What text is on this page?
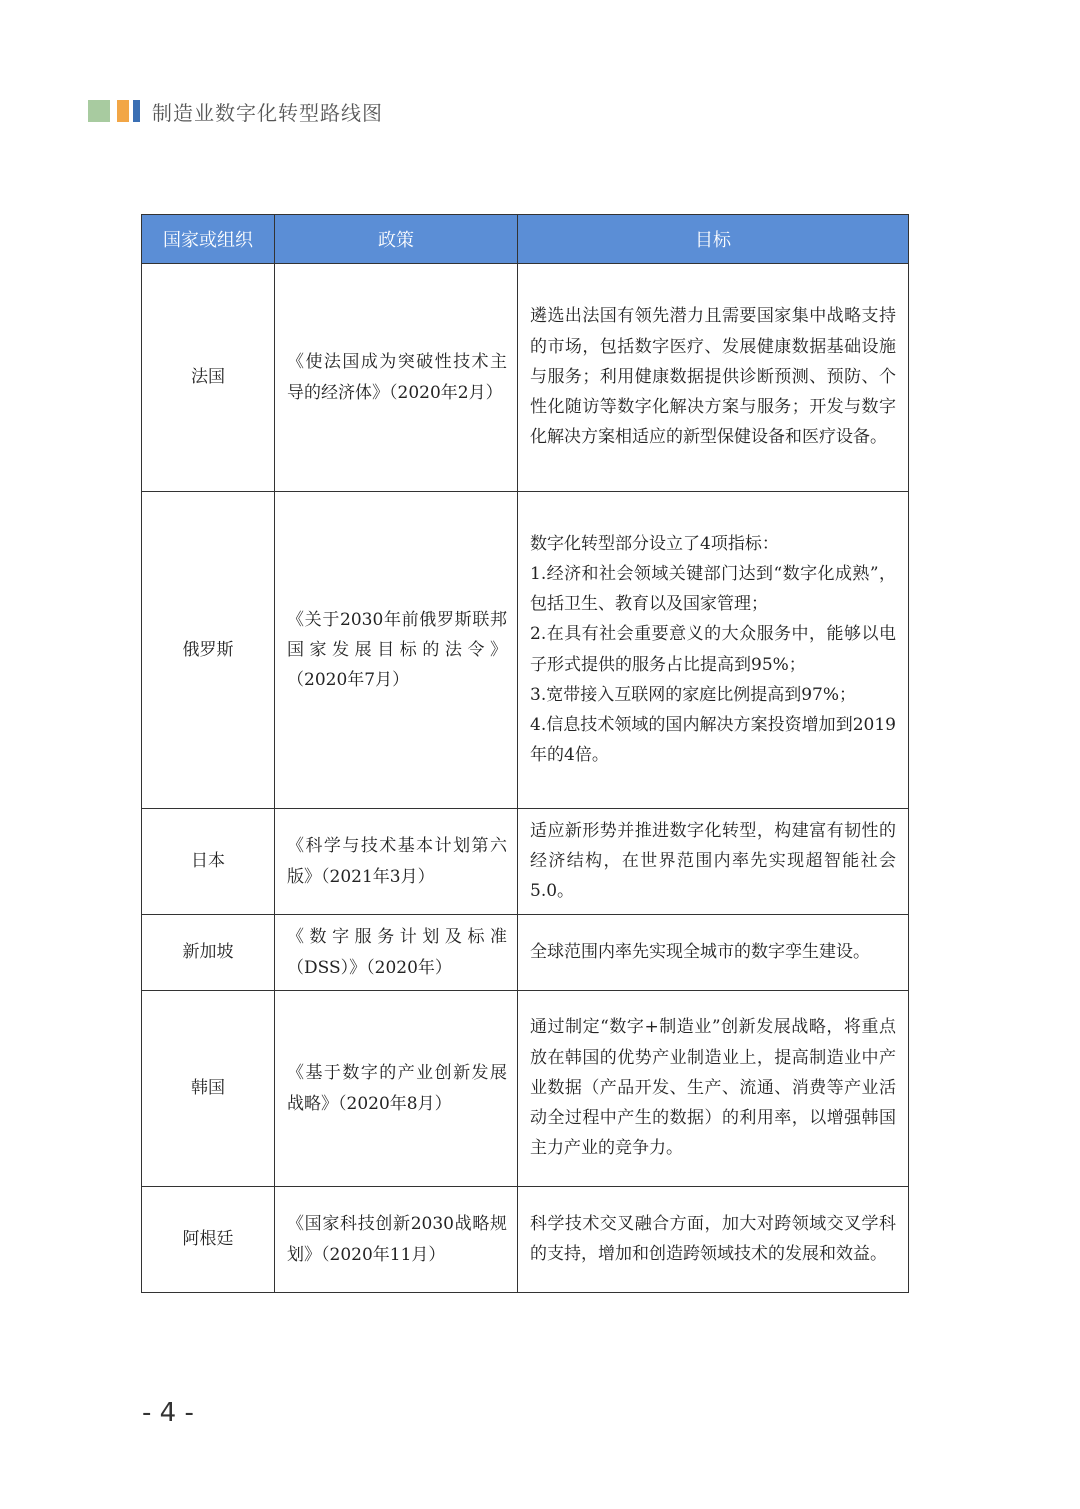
制造业数字化转型路线图
国家或组织	政策	目标
法国	《使法国成为突破性技术主导的经济体》（2020年2月）	遴选出法国有领先潜力且需要国家集中战略支持的市场，包括数字医疗、发展健康数据基础设施与服务；利用健康数据提供诊断预测、预防、个性化随访等数字化解决方案与服务；开发与数字化解决方案相适应的新型保健设备和医疗设备。

俄罗斯	《关于2030年前俄罗斯联邦国家发展目标的法令》（2020年7月）	数字化转型部分设立了4项指标：
1.经济和社会领域关键部门达到“数字化成熟”，包括卫生、教育以及国家管理；
2.在具有社会重要意义的大众服务中，能够以电子形式提供的服务占比提高到95%；
3.宽带接入互联网的家庭比例提高到97%；
4.信息技术领域的国内解决方案投资增加到2019年的4倍。

日本	《科学与技术基本计划第六版》（2021年3月）	适应新形势并推进数字化转型，构建富有韧性的经济结构，在世界范围内率先实现超智能社会5.0。

新加坡	《数字服务计划及标准（DSS）》（2020年）	全球范围内率先实现全城市的数字孪生建设。

韩国	《基于数字的产业创新发展战略》（2020年8月）	通过制定“数字+制造业”创新发展战略，将重点放在韩国的优势产业制造业上，提高制造业中产业数据（产品开发、生产、流通、消费等产业活动全过程中产生的数据）的利用率，以增强韩国主力产业的竞争力。

阿根廷	《国家科技创新2030战略规划》（2020年11月）	科学技术交叉融合方面，加大对跨领域交叉学科的支持，增加和创造跨领域技术的发展和效益。
- 4 -
